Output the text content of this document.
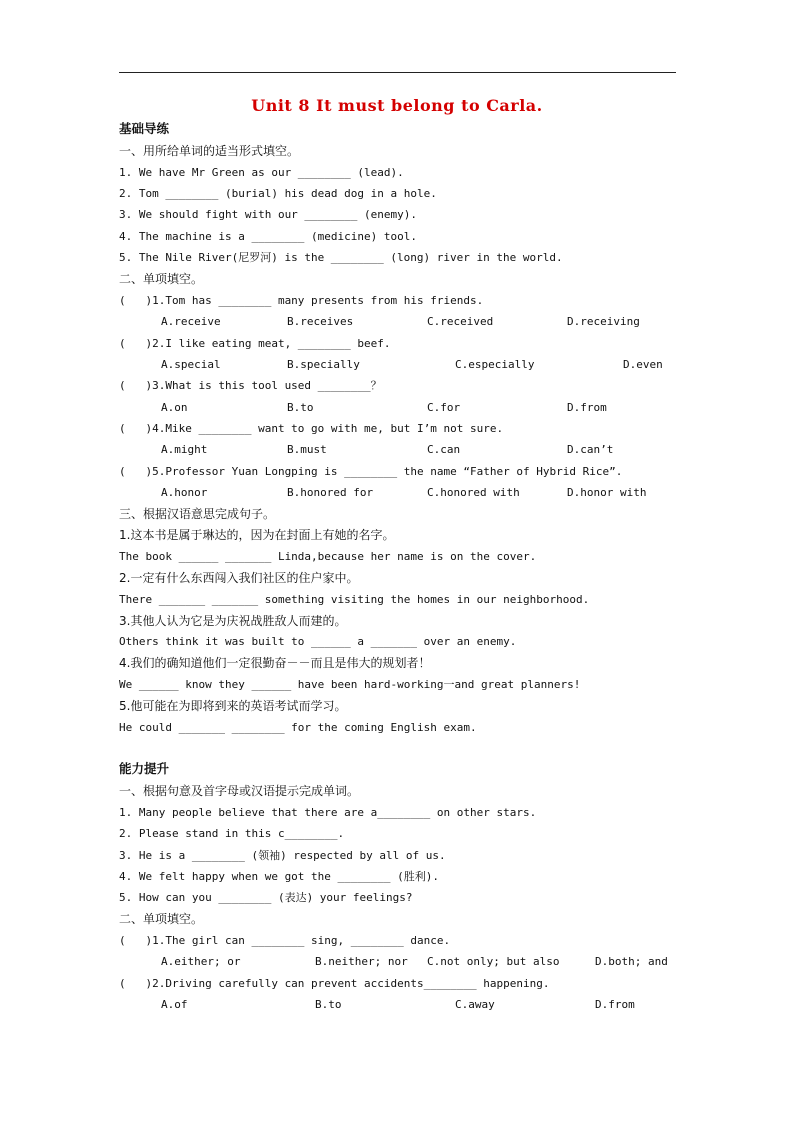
Unit 8 It must belong to Carla.
基础导练
一、用所给单词的适当形式填空。
1. We have Mr Green as our ________ (lead).
2. Tom ________ (burial) his dead dog in a hole.
3. We should fight with our ________ (enemy).
4. The machine is a ________ (medicine) tool.
5. The Nile River(尼罗河) is the ________ (long) river in the world.
二、单项填空。
(   )1.Tom has ________ many presents from his friends.
A.receive	B.receives	C.received	D.receiving
(   )2.I like eating meat, ________ beef.
A.special	B.specially	C.especially	D.even
(   )3.What is this tool used ________？
A.on	B.to	C.for	D.from
(   )4.Mike ________ want to go with me, but I’m not sure.
A.might	B.must	C.can	D.can’t
(   )5.Professor Yuan Longping is ________ the name “Father of Hybrid Rice”.
A.honor	B.honored for	C.honored with	D.honor with
三、根据汉语意思完成句子。
1.这本书是属于琳达的，因为在封面上有她的名字。
The book ______ _______ Linda,because her name is on the cover.
2.一定有什么东西闯入我们社区的住户家中。
There _______ _______ something visiting the homes in our neighborhood.
3.其他人认为它是为庆祝战胜敌人而建的。
Others think it was built to ______ a _______ over an enemy.
4.我们的确知道他们一定很勤奋－－而且是伟大的规划者！
We ______ know they ______ have been hard-working一and great planners!
5.他可能在为即将到来的英语考试而学习。
He could _______ ________ for the coming English exam.
能力提升
一、根据句意及首字母或汉语提示完成单词。
1. Many people believe that there are a________ on other stars.
2. Please stand in this c________.
3. He is a ________ (领袖) respected by all of us.
4. We felt happy when we got the ________ (胜利).
5. How can you ________ (表达) your feelings?
二、单项填空。
(   )1.The girl can ________ sing, ________ dance.
A.either; or	B.neither; nor C.not only; but also	D.both; and
(   )2.Driving carefully can prevent accidents________ happening.
A.of	B.to	C.away	D.from
